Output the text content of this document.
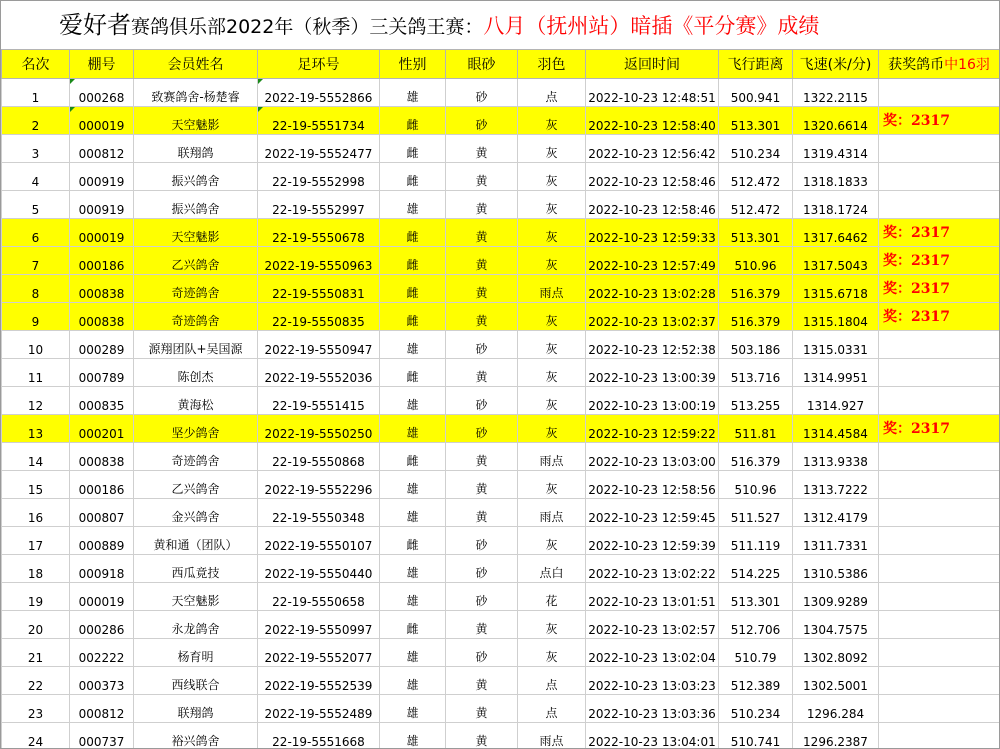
爱好者赛鸽俱乐部2022年（秋季）三关鸽王赛：八月（抚州站）暗插《平分赛》成绩
名次	棚号	会员姓名	足环号	性别	眼砂	羽色	返回时间	飞行距离	飞速(米/分)	获奖鸽币中16羽
1	000268	致赛鸽舍-杨楚睿	2022-19-5552866	雄	砂	点	2022-10-23 12:48:51	500.941	1322.2115	
2	000019	天空魅影	22-19-5551734	雌	砂	灰	2022-10-23 12:58:40	513.301	1320.6614	奖：2317
3	000812	联翔鸽	2022-19-5552477	雌	黄	灰	2022-10-23 12:56:42	510.234	1319.4314	
4	000919	振兴鸽舍	22-19-5552998	雌	黄	灰	2022-10-23 12:58:46	512.472	1318.1833	
5	000919	振兴鸽舍	22-19-5552997	雄	黄	灰	2022-10-23 12:58:46	512.472	1318.1724	
6	000019	天空魅影	22-19-5550678	雌	黄	灰	2022-10-23 12:59:33	513.301	1317.6462	奖：2317
7	000186	乙兴鸽舍	2022-19-5550963	雌	黄	灰	2022-10-23 12:57:49	510.96	1317.5043	奖：2317
8	000838	奇迹鸽舍	22-19-5550831	雌	黄	雨点	2022-10-23 13:02:28	516.379	1315.6718	奖：2317
9	000838	奇迹鸽舍	22-19-5550835	雌	黄	灰	2022-10-23 13:02:37	516.379	1315.1804	奖：2317
10	000289	源翔团队+吴国源	2022-19-5550947	雄	砂	灰	2022-10-23 12:52:38	503.186	1315.0331	
11	000789	陈创杰	2022-19-5552036	雌	黄	灰	2022-10-23 13:00:39	513.716	1314.9951	
12	000835	黄海松	22-19-5551415	雄	砂	灰	2022-10-23 13:00:19	513.255	1314.927	
13	000201	坚少鸽舍	2022-19-5550250	雄	砂	灰	2022-10-23 12:59:22	511.81	1314.4584	奖：2317
14	000838	奇迹鸽舍	22-19-5550868	雌	黄	雨点	2022-10-23 13:03:00	516.379	1313.9338	
15	000186	乙兴鸽舍	2022-19-5552296	雄	黄	灰	2022-10-23 12:58:56	510.96	1313.7222	
16	000807	金兴鸽舍	22-19-5550348	雄	黄	雨点	2022-10-23 12:59:45	511.527	1312.4179	
17	000889	黄和通（团队）	2022-19-5550107	雌	砂	灰	2022-10-23 12:59:39	511.119	1311.7331	
18	000918	西瓜竟技	2022-19-5550440	雄	砂	点白	2022-10-23 13:02:22	514.225	1310.5386	
19	000019	天空魅影	22-19-5550658	雄	砂	花	2022-10-23 13:01:51	513.301	1309.9289	
20	000286	永龙鸽舍	2022-19-5550997	雌	黄	灰	2022-10-23 13:02:57	512.706	1304.7575	
21	002222	杨育明	2022-19-5552077	雄	砂	灰	2022-10-23 13:02:04	510.79	1302.8092	
22	000373	西线联合	2022-19-5552539	雄	黄	点	2022-10-23 13:03:23	512.389	1302.5001	
23	000812	联翔鸽	2022-19-5552489	雄	黄	点	2022-10-23 13:03:36	510.234	1296.284	
24	000737	裕兴鸽舍	22-19-5551668	雄	黄	雨点	2022-10-23 13:04:01	510.741	1296.2387	
